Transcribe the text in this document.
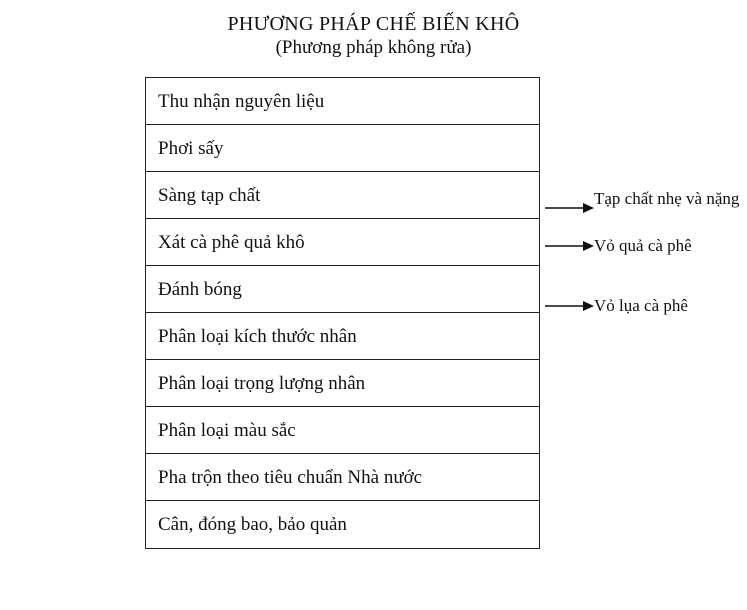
PHƯƠNG PHÁP CHẾ BIẾN KHÔ
(Phương pháp không rửa)
Thu nhận nguyên liệu
Phơi sấy
Sàng tạp chất
Xát cà phê quả khô
Đánh bóng
Phân loại kích thước nhân
Phân loại trọng lượng nhân
Phân loại màu sắc
Pha trộn theo tiêu chuẩn Nhà nước
Cân, đóng bao, bảo quản
Tạp chất nhẹ và nặng
Vỏ quả cà phê
Vỏ lụa cà phê
